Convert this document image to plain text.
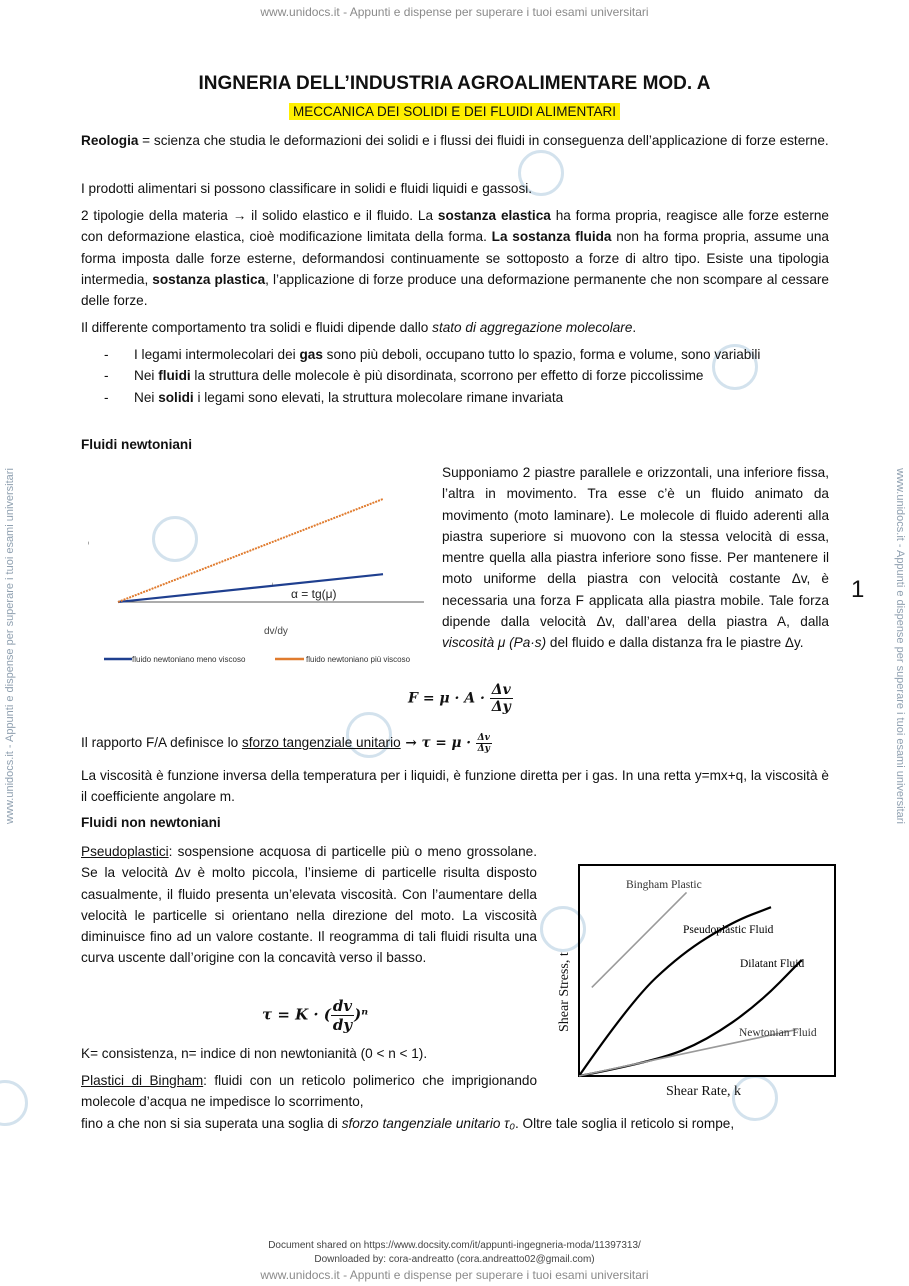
www.unidocs.it - Appunti e dispense per superare i tuoi esami universitari
www.unidocs.it - Appunti e dispense per superare i tuoi esami universitari
www.unidocs.it - Appunti e dispense per superare i tuoi esami universitari	www.unidocs.it - Appunti e dispense per superare i tuoi esami universitari
INGNERIA DELL’INDUSTRIA AGROALIMENTARE MOD. A
MECCANICA DEI SOLIDI E DEI FLUIDI ALIMENTARI

Reologia = scienza che studia le deformazioni dei solidi e i flussi dei fluidi in conseguenza dell’applicazione di forze esterne.

I prodotti alimentari si possono classificare in solidi e fluidi liquidi e gassosi.

2 tipologie della materia → il solido elastico e il fluido. La sostanza elastica ha forma propria, reagisce alle forze esterne con deformazione elastica, cioè modificazione limitata della forma. La sostanza fluida non ha forma propria, assume una forma imposta dalle forze esterne, deformandosi continuamente se sottoposto a forze di altro tipo. Esiste una tipologia intermedia, sostanza plastica, l’applicazione di forze produce una deformazione permanente che non scompare al cessare delle forze.

Il differente comportamento tra solidi e fluidi dipende dallo stato di aggregazione molecolare.

- I legami intermolecolari dei gas sono più deboli, occupano tutto lo spazio, forma e volume, sono variabili
- Nei fluidi la struttura delle molecole è più disordinata, scorrono per effetto di forze piccolissime
- Nei solidi i legami sono elevati, la struttura molecolare rimane invariata
Fluidi newtoniani
ᵢ
ᵢ
α = tg(μ)
dv/dy
fluido newtoniano meno viscoso	fluido newtoniano più viscoso

Supponiamo 2 piastre parallele e orizzontali, una inferiore fissa, l’altra in movimento. Tra esse c’è un fluido animato da movimento (moto laminare). Le molecole di fluido aderenti alla piastra superiore si muovono con la stessa velocità di essa, mentre quella alla piastra inferiore sono fisse. Per mantenere il moto uniforme della piastra con velocità costante Δv, è necessaria una forza F applicata alla piastra mobile. Tale forza dipende dalla velocità Δv, dall’area della piastra A, dalla viscosità μ (Pa·s) del fluido e dalla distanza fra le piastre Δy.

1
$F = \mu \cdot A \cdot \frac{\Delta v}{\Delta y}$
Il rapporto F/A definisce lo sforzo tangenziale unitario → $\tau = \mu \cdot \frac{\Delta v}{\Delta y}$

La viscosità è funzione inversa della temperatura per i liquidi, è funzione diretta per i gas. In una retta y=mx+q, la viscosità è il coefficiente angolare m.

Fluidi non newtoniani

Pseudoplastici: sospensione acquosa di particelle più o meno grossolane. Se la velocità Δv è molto piccola, l’insieme di particelle risulta disposto casualmente, il fluido presenta un’elevata viscosità. Con l’aumentare della velocità le particelle si orientano nella direzione del moto. La viscosità diminuisce fino ad un valore costante. Il reogramma di tali fluidi risulta una curva uscente dall’origine con la concavità verso il basso.

τ = K · ( $\frac{dv}{dy} )^n$

K= consistenza, n= indice di non newtonianità (0 < n < 1).

Plastici di Bingham: fluidi con un reticolo polimerico che imprigionando molecole d’acqua ne impedisce lo scorrimento,

fino a che non si sia superata una soglia di sforzo tangenziale unitario τ₀. Oltre tale soglia il reticolo si rompe,

Shear Stress, t
Shear Rate, k
Bingham Plastic
Pseudoplastic Fluid
Dilatant Fluid
Newtonian Fluid
Document shared on https://www.docsity.com/it/appunti-ingegneria-moda/11397313/
Downloaded by: cora-andreatto (cora.andreatto02@gmail.com)
